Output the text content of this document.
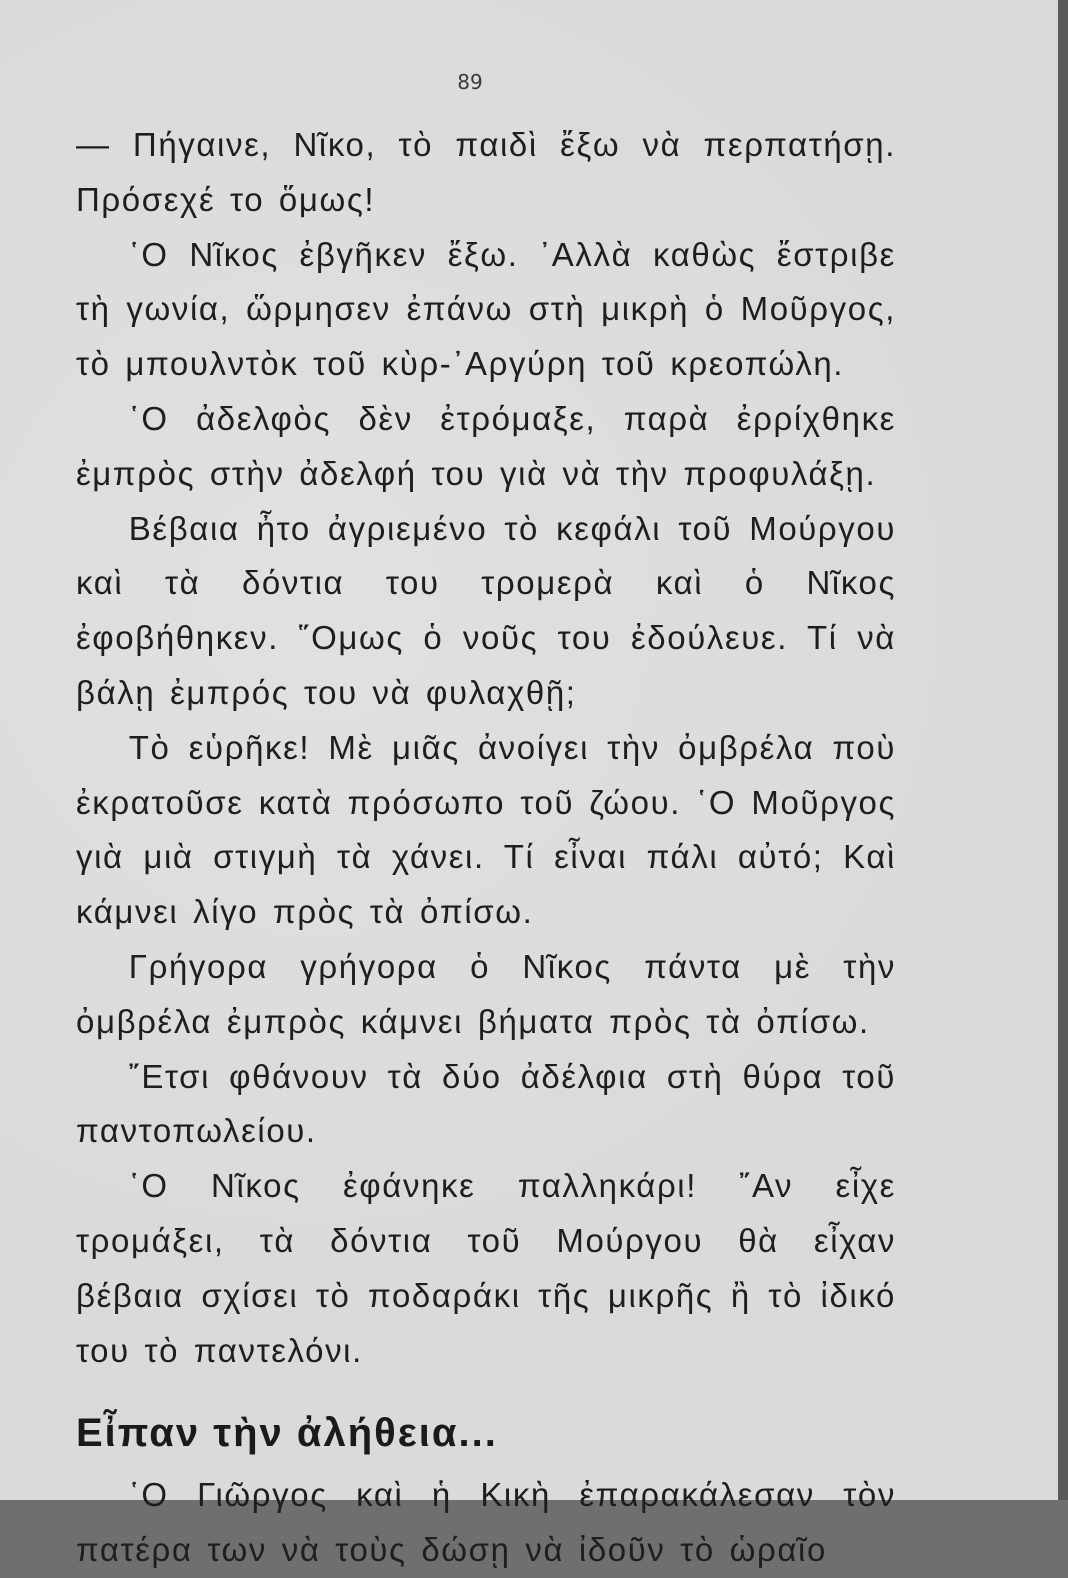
89

— Πήγαινε, Νῖκο, τὸ παιδὶ ἔξω νὰ περπατήσῃ. Πρόσεχέ το ὅμως!

῾Ο Νῖκος ἐβγῆκεν ἔξω. ᾿Αλλὰ καθὼς ἔστριβε τὴ γωνία, ὥρμησεν ἐπάνω στὴ μικρὴ ὁ Μοῦργος, τὸ μπουλντὸκ τοῦ κὺρ-᾿Αργύρη τοῦ κρεοπώλη.

῾Ο ἀδελφὸς δὲν ἐτρόμαξε, παρὰ ἐρρίχθηκε ἐμπρὸς στὴν ἀδελφή του γιὰ νὰ τὴν προφυλάξῃ.

Βέβαια ἦτο ἀγριεμένο τὸ κεφάλι τοῦ Μούργου καὶ τὰ δόντια του τρομερὰ καὶ ὁ Νῖκος ἐφοβήθηκεν. ῞Ομως ὁ νοῦς του ἐδούλευε. Τί νὰ βάλῃ ἐμπρός του νὰ φυλαχθῇ;

Τὸ εὑρῆκε! Μὲ μιᾶς ἀνοίγει τὴν ὀμβρέλα ποὺ ἐκρατοῦσε κατὰ πρόσωπο τοῦ ζώου. ῾Ο Μοῦργος γιὰ μιὰ στιγμὴ τὰ χάνει. Τί εἶναι πάλι αὐτό; Καὶ κάμνει λίγο πρὸς τὰ ὀπίσω.

Γρήγορα γρήγορα ὁ Νῖκος πάντα μὲ τὴν ὀμβρέλα ἐμπρὸς κάμνει βήματα πρὸς τὰ ὀπίσω.

῎Ετσι φθάνουν τὰ δύο ἀδέλφια στὴ θύρα τοῦ παντοπωλείου.

῾Ο Νῖκος ἐφάνηκε παλληκάρι! ῎Αν εἶχε τρομάξει, τὰ δόντια τοῦ Μούργου θὰ εἶχαν βέβαια σχίσει τὸ ποδαράκι τῆς μικρῆς ἢ τὸ ἰδικό του τὸ παντελόνι.

Εἶπαν τὴν ἀλήθεια...

῾Ο Γιῶργος καὶ ἡ Κικὴ ἐπαρακάλεσαν τὸν πατέρα των νὰ τοὺς δώσῃ νὰ ἰδοῦν τὸ ὡραῖο
